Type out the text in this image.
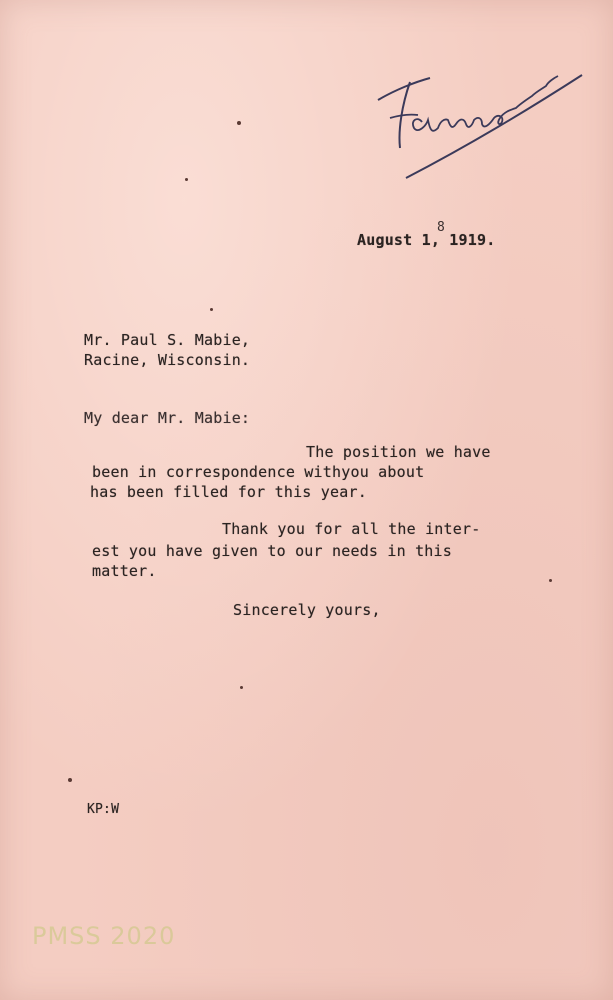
August 1, 1919.
8
Mr. Paul S. Mabie,
Racine, Wisconsin.
My dear Mr. Mabie:
The position we have
been in correspondence withyou about
has been filled for this year.
Thank you for all the inter-
est you have given to our needs in this
matter.
Sincerely yours,
KP:W
PMSS 2020
